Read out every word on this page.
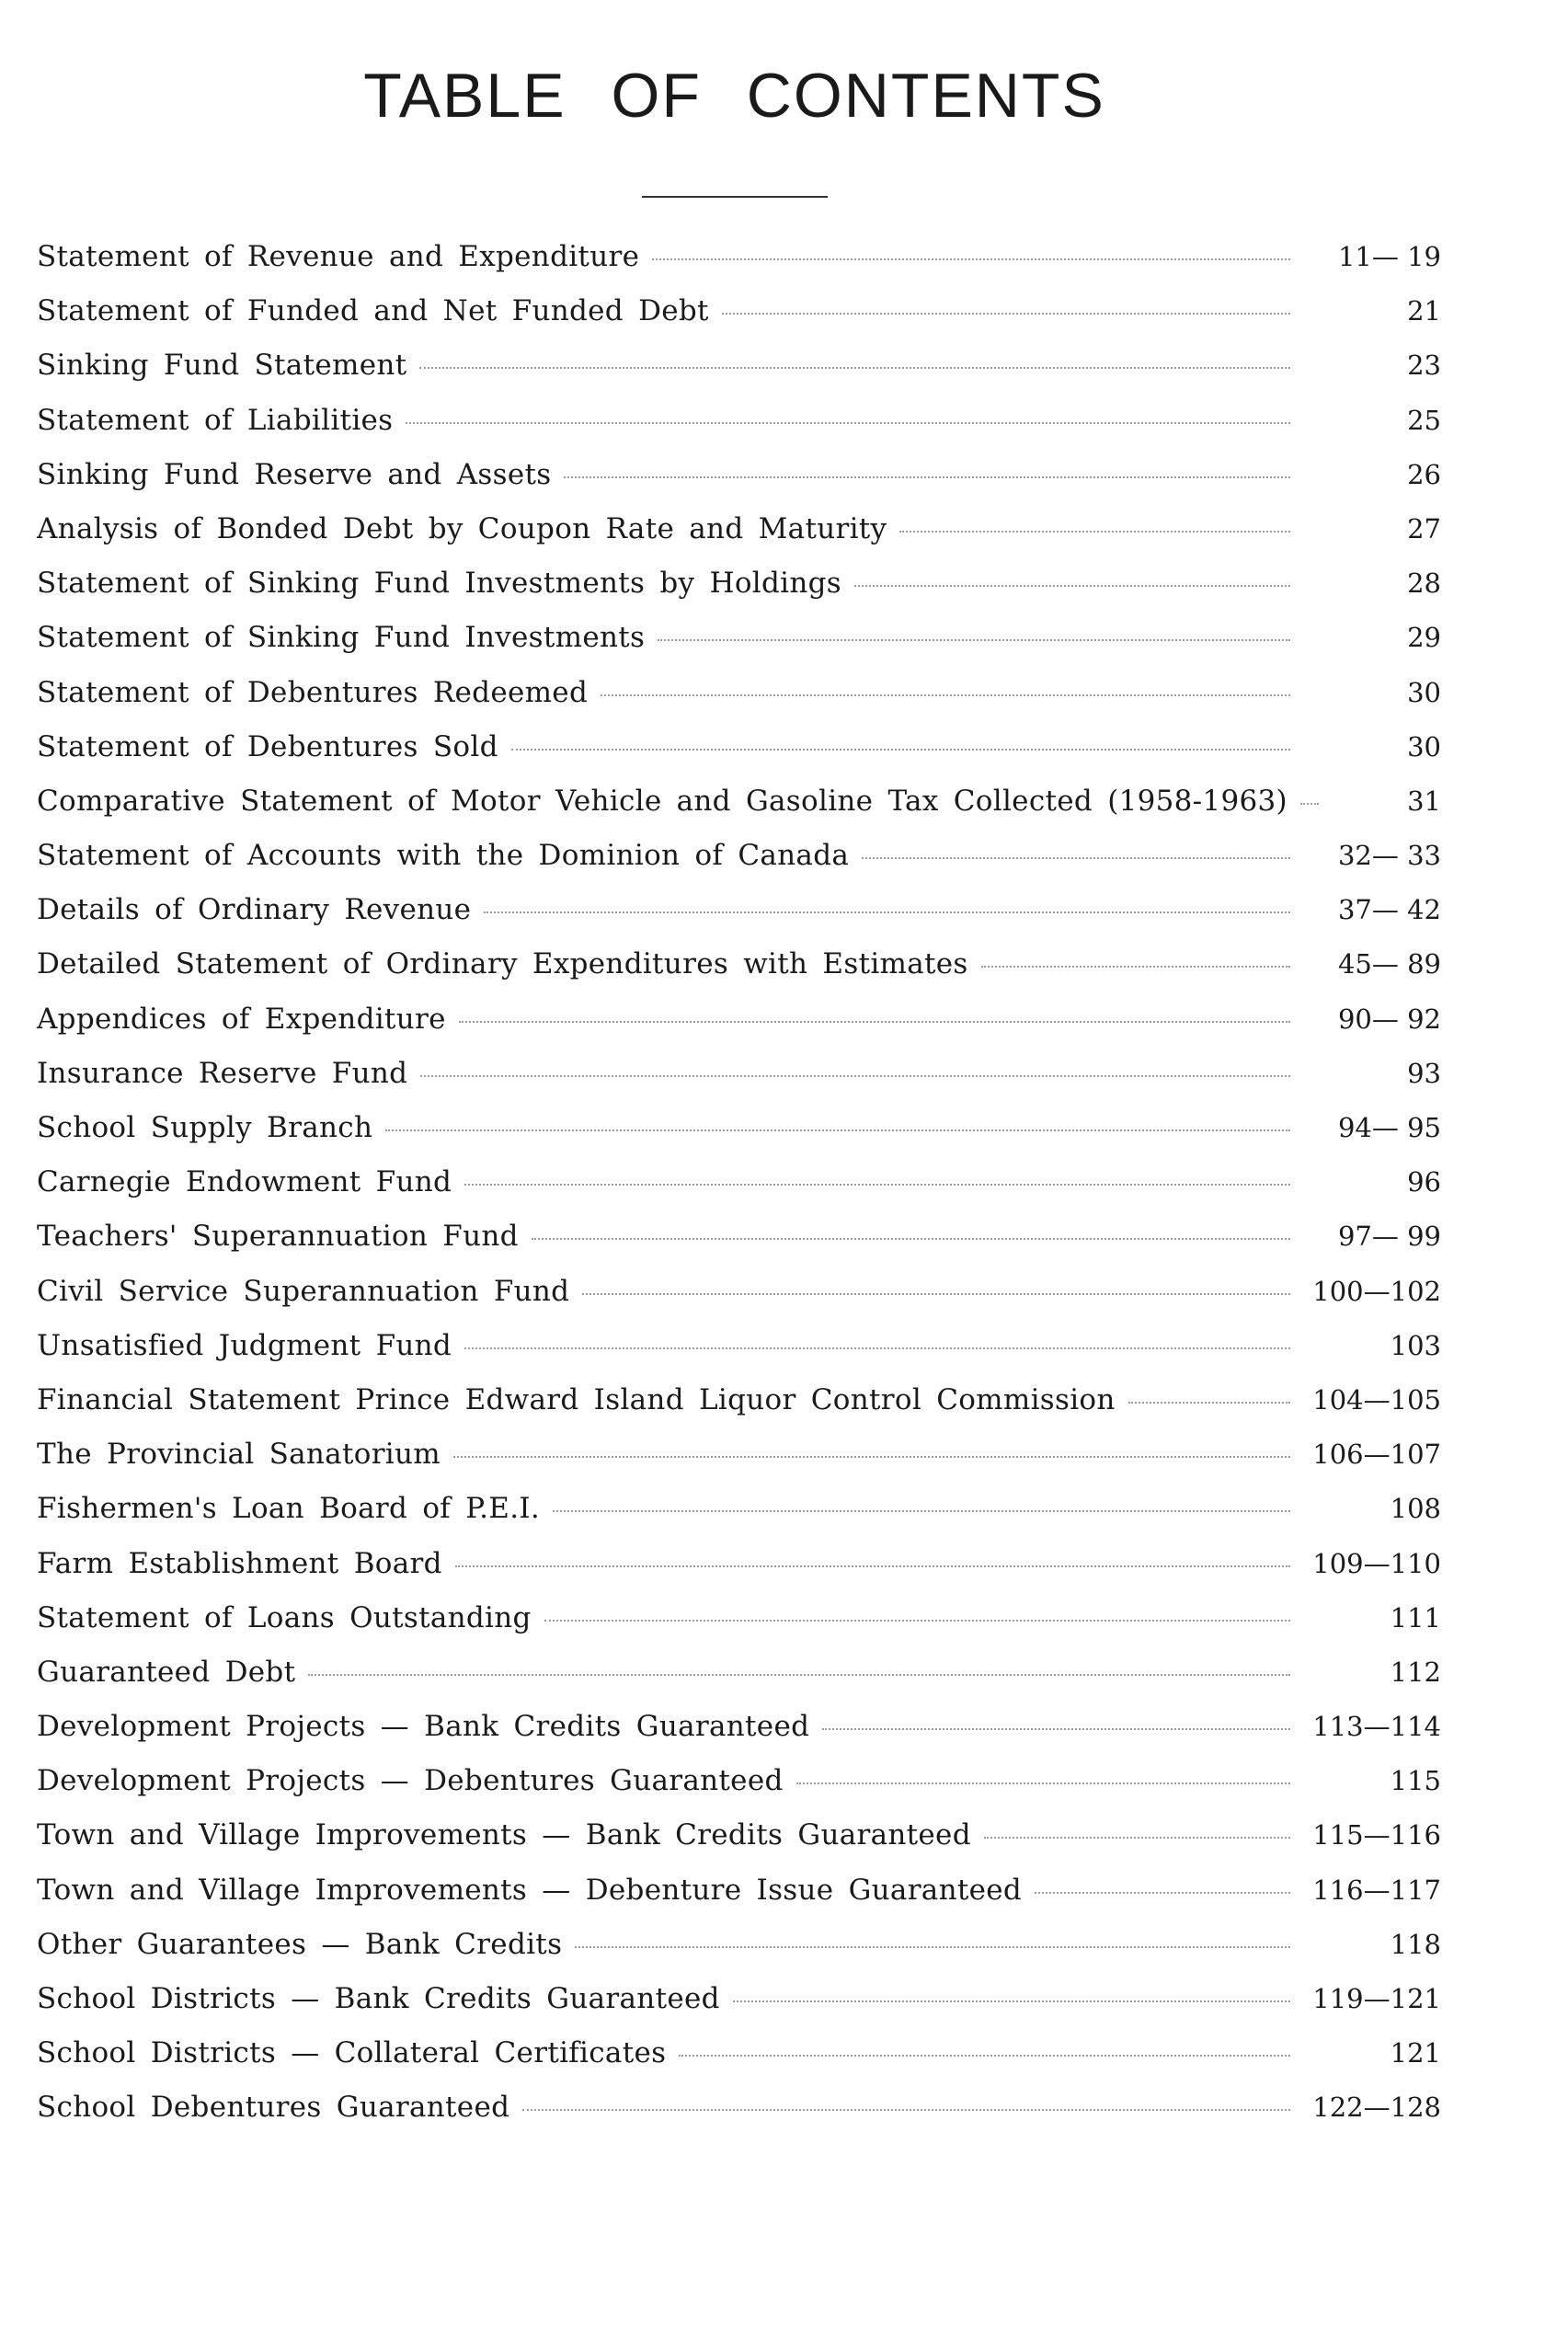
TABLE OF CONTENTS
Statement of Revenue and Expenditure	11— 19
Statement of Funded and Net Funded Debt	21
Sinking Fund Statement	23
Statement of Liabilities	25
Sinking Fund Reserve and Assets	26
Analysis of Bonded Debt by Coupon Rate and Maturity	27
Statement of Sinking Fund Investments by Holdings	28
Statement of Sinking Fund Investments	29
Statement of Debentures Redeemed	30
Statement of Debentures Sold	30
Comparative Statement of Motor Vehicle and Gasoline Tax Collected (1958-1963)	31
Statement of Accounts with the Dominion of Canada	32— 33
Details of Ordinary Revenue	37— 42
Detailed Statement of Ordinary Expenditures with Estimates	45— 89
Appendices of Expenditure	90— 92
Insurance Reserve Fund	93
School Supply Branch	94— 95
Carnegie Endowment Fund	96
Teachers' Superannuation Fund	97— 99
Civil Service Superannuation Fund	100—102
Unsatisfied Judgment Fund	103
Financial Statement Prince Edward Island Liquor Control Commission	104—105
The Provincial Sanatorium	106—107
Fishermen's Loan Board of P.E.I.	108
Farm Establishment Board	109—110
Statement of Loans Outstanding	111
Guaranteed Debt	112
Development Projects — Bank Credits Guaranteed	113—114
Development Projects — Debentures Guaranteed	115
Town and Village Improvements — Bank Credits Guaranteed	115—116
Town and Village Improvements — Debenture Issue Guaranteed	116—117
Other Guarantees — Bank Credits	118
School Districts — Bank Credits Guaranteed	119—121
School Districts — Collateral Certificates	121
School Debentures Guaranteed	122—128
